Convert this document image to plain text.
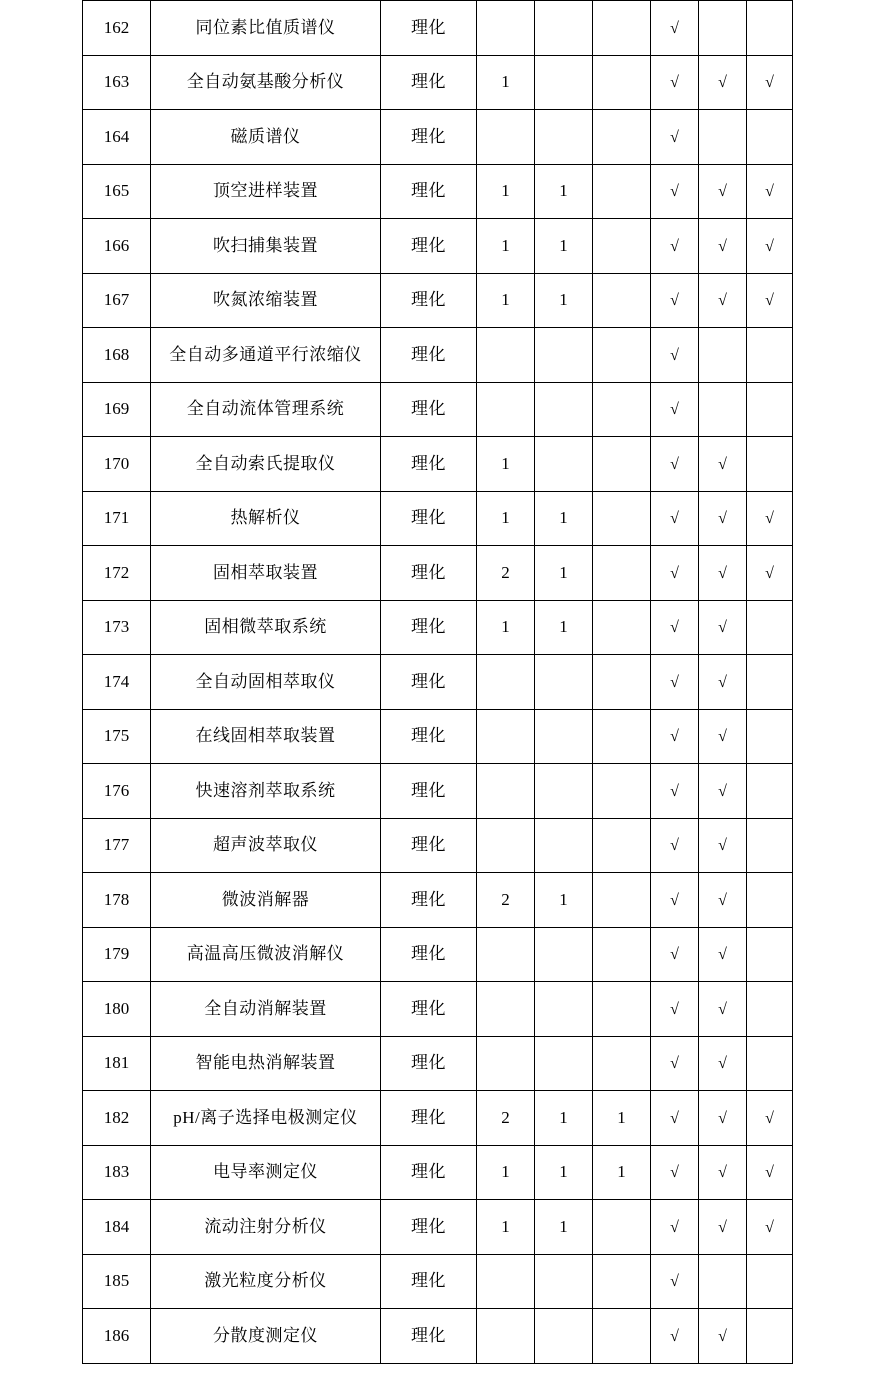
162	同位素比值质谱仪	理化				√		
163	全自动氨基酸分析仪	理化	1			√	√	√
164	磁质谱仪	理化				√		
165	顶空进样装置	理化	1	1		√	√	√
166	吹扫捕集装置	理化	1	1		√	√	√
167	吹氮浓缩装置	理化	1	1		√	√	√
168	全自动多通道平行浓缩仪	理化				√		
169	全自动流体管理系统	理化				√		
170	全自动索氏提取仪	理化	1			√	√	
171	热解析仪	理化	1	1		√	√	√
172	固相萃取装置	理化	2	1		√	√	√
173	固相微萃取系统	理化	1	1		√	√	
174	全自动固相萃取仪	理化				√	√	
175	在线固相萃取装置	理化				√	√	
176	快速溶剂萃取系统	理化				√	√	
177	超声波萃取仪	理化				√	√	
178	微波消解器	理化	2	1		√	√	
179	高温高压微波消解仪	理化				√	√	
180	全自动消解装置	理化				√	√	
181	智能电热消解装置	理化				√	√	
182	pH/离子选择电极测定仪	理化	2	1	1	√	√	√
183	电导率测定仪	理化	1	1	1	√	√	√
184	流动注射分析仪	理化	1	1		√	√	√
185	激光粒度分析仪	理化				√		
186	分散度测定仪	理化				√	√	
